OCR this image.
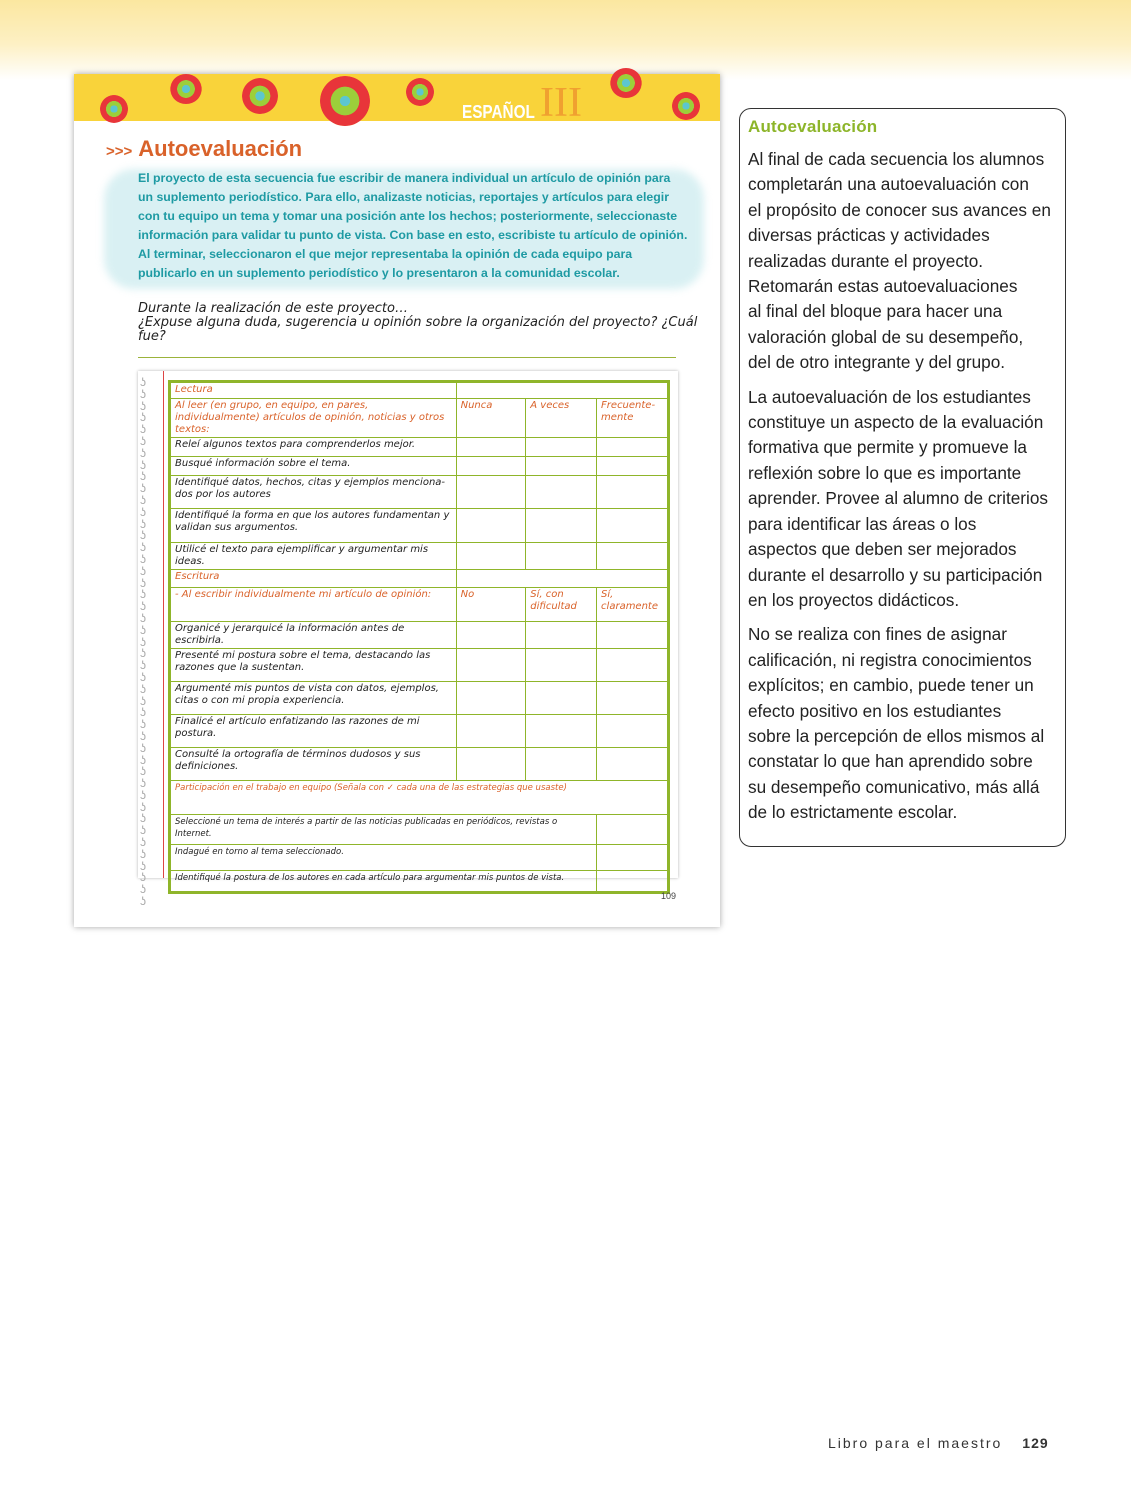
ESPAÑOL III
>>> Autoevaluación

El proyecto de esta secuencia fue escribir de manera individual un artículo de opinión para un suplemento periodístico. Para ello, analizaste noticias, reportajes y artículos para elegir con tu equipo un tema y tomar una posición ante los hechos; posteriormente, seleccionaste información para validar tu punto de vista. Con base en esto, escribiste tu artículo de opinión. Al terminar, seleccionaron el que mejor representaba la opinión de cada equipo para publicarlo en un suplemento periodístico y lo presentaron a la comunidad escolar.

Durante la realización de este proyecto…
¿Expuse alguna duda, sugerencia u opinión sobre la organización del proyecto? ¿Cuál fue?
ʖ ʖ ʖ ʖ ʖ ʖ ʖ ʖ ʖ ʖ ʖ ʖ ʖ ʖ ʖ ʖ ʖ ʖ ʖ ʖ ʖ ʖ ʖ ʖ ʖ ʖ ʖ ʖ ʖ ʖ ʖ ʖ ʖ ʖ ʖ ʖ ʖ ʖ ʖ ʖ ʖ ʖ ʖ ʖ ʖ
Lectura			
Al leer (en grupo, en equipo, en pares, individualmente) artículos de opinión, noticias y otros textos:	Nunca	A veces	Frecuente-mente
Releí algunos textos para comprenderlos mejor.			
Busqué información sobre el tema.			
Identifiqué datos, hechos, citas y ejemplos menciona-dos por los autores			
Identifiqué la forma en que los autores fundamentan y validan sus argumentos.			
Utilicé el texto para ejemplificar y argumentar mis ideas.			
Escritura			
- Al escribir individualmente mi artículo de opinión:	No	Sí, con dificultad	Sí, claramente
Organicé y jerarquicé la información antes de escribirla.			
Presenté mi postura sobre el tema, destacando las razones que la sustentan.			
Argumenté mis puntos de vista con datos, ejemplos, citas o con mi propia experiencia.			
Finalicé el artículo enfatizando las razones de mi postura.			
Consulté la ortografía de términos dudosos y sus definiciones.			
Participación en el trabajo en equipo (Señala con ✓ cada una de las estrategias que usaste)			
Seleccioné un tema de interés a partir de las noticias publicadas en periódicos, revistas o Internet.			
Indagué en torno al tema seleccionado.			
Identifiqué la postura de los autores en cada artículo para argumentar mis puntos de vista.			
109
Autoevaluación

Al final de cada secuencia los alumnos
completarán una autoevaluación con
el propósito de conocer sus avances en
diversas prácticas y actividades
realizadas durante el proyecto.
Retomarán estas autoevaluaciones
al final del bloque para hacer una
valoración global de su desempeño,
del de otro integrante y del grupo.

La autoevaluación de los estudiantes
constituye un aspecto de la evaluación
formativa que permite y promueve la
reflexión sobre lo que es importante
aprender. Provee al alumno de criterios
para identificar las áreas o los
aspectos que deben ser mejorados
durante el desarrollo y su participación
en los proyectos didácticos.

No se realiza con fines de asignar
calificación, ni registra conocimientos
explícitos; en cambio, puede tener un
efecto positivo en los estudiantes
sobre la percepción de ellos mismos al
constatar lo que han aprendido sobre
su desempeño comunicativo, más allá
de lo estrictamente escolar.

Libro para el maestro 129
